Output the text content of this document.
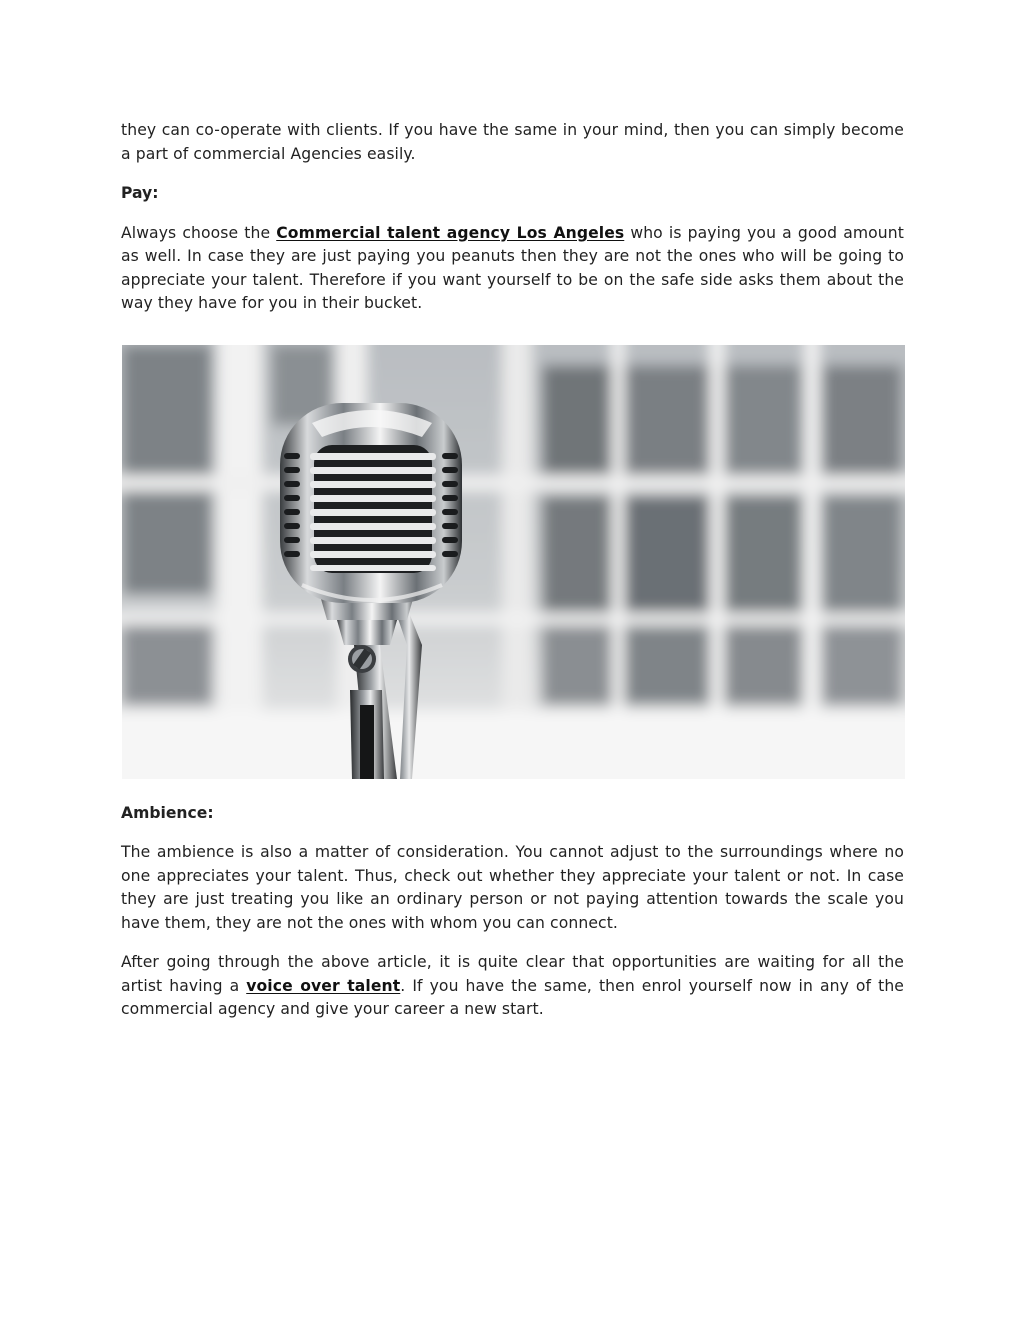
they can co-operate with clients. If you have the same in your mind, then you can simply become a part of commercial Agencies easily.

Pay:

Always choose the Commercial talent agency Los Angeles who is paying you a good amount as well. In case they are just paying you peanuts then they are not the ones who will be going to appreciate your talent. Therefore if you want yourself to be on the safe side asks them about the way they have for you in their bucket.

Ambience:

The ambience is also a matter of consideration. You cannot adjust to the surroundings where no one appreciates your talent. Thus, check out whether they appreciate your talent or not. In case they are just treating you like an ordinary person or not paying attention towards the scale you have them, they are not the ones with whom you can connect.

After going through the above article, it is quite clear that opportunities are waiting for all the artist having a voice over talent. If you have the same, then enrol yourself now in any of the commercial agency and give your career a new start.
